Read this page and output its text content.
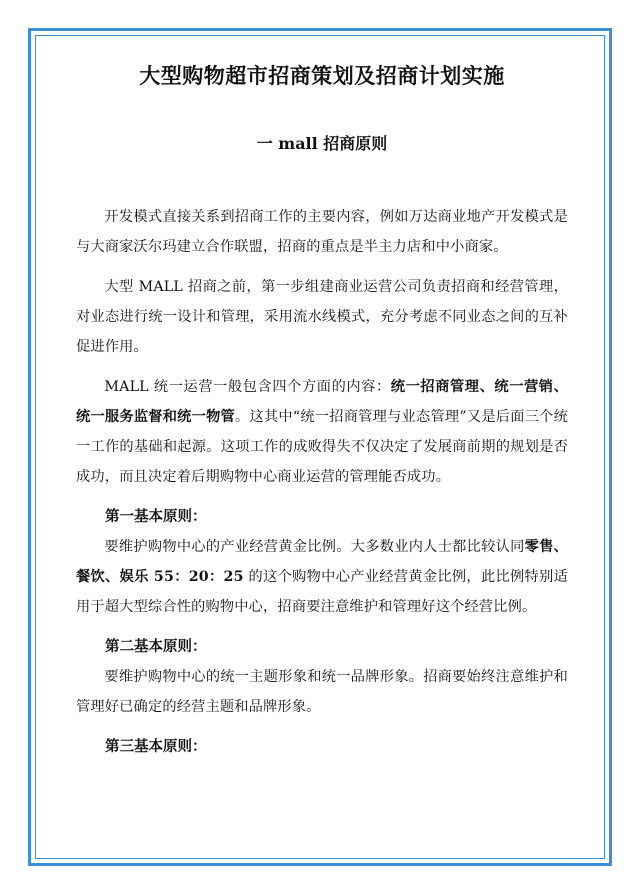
大型购物超市招商策划及招商计划实施
一 mall 招商原则

开发模式直接关系到招商工作的主要内容，例如万达商业地产开发模式是与大商家沃尔玛建立合作联盟，招商的重点是半主力店和中小商家。

大型 MALL 招商之前，第一步组建商业运营公司负责招商和经营管理，对业态进行统一设计和管理，采用流水线模式，充分考虑不同业态之间的互补促进作用。

MALL 统一运营一般包含四个方面的内容：统一招商管理、统一营销、统一服务监督和统一物管。这其中“统一招商管理与业态管理”又是后面三个统一工作的基础和起源。这项工作的成败得失不仅决定了发展商前期的规划是否成功，而且决定着后期购物中心商业运营的管理能否成功。

第一基本原则：

要维护购物中心的产业经营黄金比例。大多数业内人士都比较认同零售、餐饮、娱乐 55：20：25 的这个购物中心产业经营黄金比例，此比例特别适用于超大型综合性的购物中心，招商要注意维护和管理好这个经营比例。

第二基本原则：

要维护购物中心的统一主题形象和统一品牌形象。招商要始终注意维护和管理好已确定的经营主题和品牌形象。

第三基本原则：
